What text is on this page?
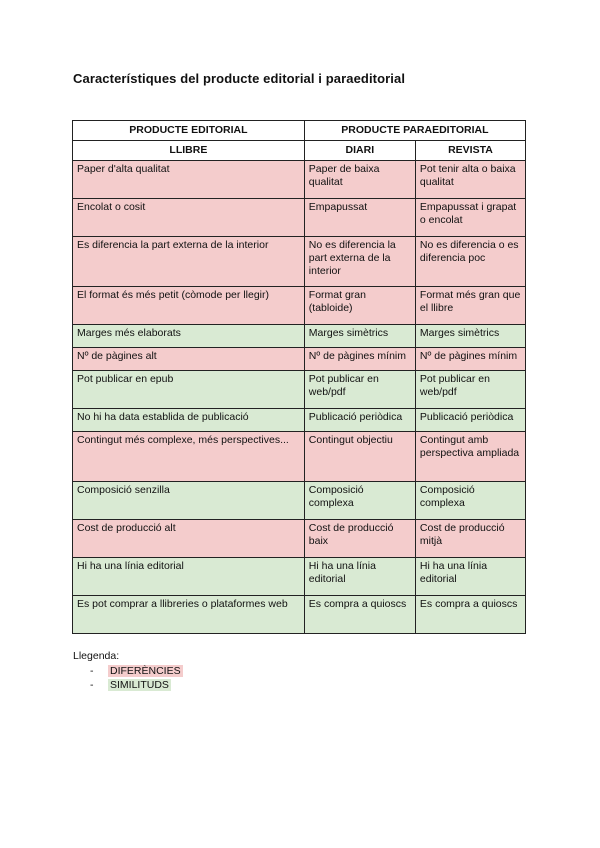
Característiques del producte editorial i paraeditorial
PRODUCTE EDITORIAL	PRODUCTE PARAEDITORIAL	
LLIBRE	DIARI	REVISTA
Paper d'alta qualitat	Paper de baixa qualitat	Pot tenir alta o baixa qualitat
Encolat o cosit	Empapussat	Empapussat i grapat o encolat
Es diferencia la part externa de la interior	No es diferencia la part externa de la interior	No es diferencia o es diferencia poc
El format és més petit (còmode per llegir)	Format gran (tabloide)	Format més gran que el llibre
Marges més elaborats	Marges simètrics	Marges simètrics
Nº de pàgines alt	Nº de pàgines mínim	Nº de pàgines mínim
Pot publicar en epub	Pot publicar en web/pdf	Pot publicar en web/pdf
No hi ha data establida de publicació	Publicació periòdica	Publicació periòdica
Contingut més complexe, més perspectives...	Contingut objectiu	Contingut amb perspectiva ampliada
Composició senzilla	Composició complexa	Composició complexa
Cost de producció alt	Cost de producció baix	Cost de producció mitjà
Hi ha una línia editorial	Hi ha una línia editorial	Hi ha una línia editorial
Es pot comprar a llibreries o plataformes web	Es compra a quioscs	Es compra a quioscs
Llegenda:
-	DIFERÈNCIES
-	SIMILITUDS
